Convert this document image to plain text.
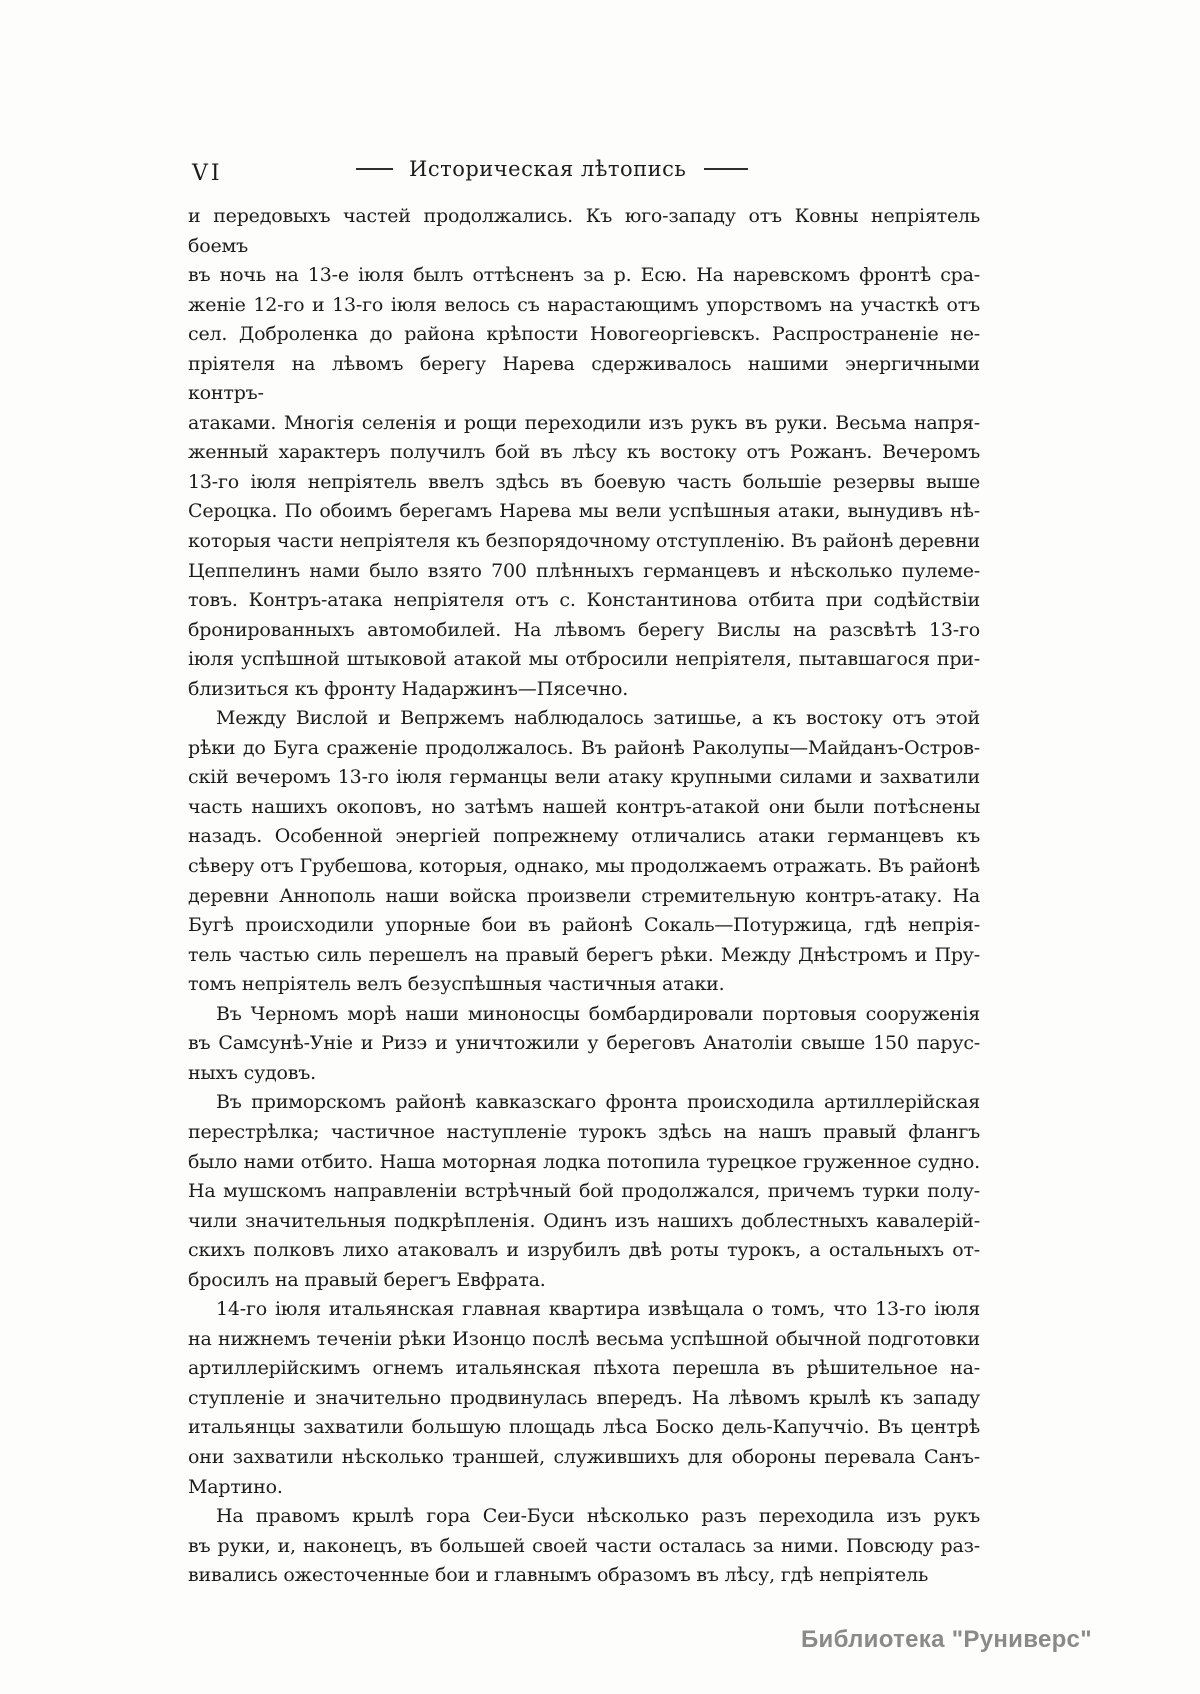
VI	Историческая лѣтопись
и передовыхъ частей продолжались. Къ юго-западу отъ Ковны непріятель боемъ
въ ночь на 13-е іюля былъ оттѣсненъ за р. Есю. На наревскомъ фронтѣ сра-
женіе 12-го и 13-го іюля велось съ нарастающимъ упорствомъ на участкѣ отъ
сел. Доброленка до района крѣпости Новогеоргіевскъ. Распространеніе не-
пріятеля на лѣвомъ берегу Нарева сдерживалось нашими энергичными контръ-
атаками. Многія селенія и рощи переходили изъ рукъ въ руки. Весьма напря-
женный характеръ получилъ бой въ лѣсу къ востоку отъ Рожанъ. Вечеромъ
13-го іюля непріятель ввелъ здѣсь въ боевую часть большіе резервы выше
Сероцка. По обоимъ берегамъ Нарева мы вели успѣшныя атаки, вынудивъ нѣ-
которыя части непріятеля къ безпорядочному отступленію. Въ районѣ деревни
Цеппелинъ нами было взято 700 плѣнныхъ германцевъ и нѣсколько пулеме-
товъ. Контръ-атака непріятеля отъ с. Константинова отбита при содѣйствіи
бронированныхъ автомобилей. На лѣвомъ берегу Вислы на разсвѣтѣ 13-го
іюля успѣшной штыковой атакой мы отбросили непріятеля, пытавшагося при-
близиться къ фронту Надаржинъ—Пясечно.
Между Вислой и Вепржемъ наблюдалось затишье, а къ востоку отъ этой
рѣки до Буга сраженіе продолжалось. Въ районѣ Раколупы—Майданъ-Остров-
скій вечеромъ 13-го іюля германцы вели атаку крупными силами и захватили
часть нашихъ окоповъ, но затѣмъ нашей контръ-атакой они были потѣснены
назадъ. Особенной энергіей попрежнему отличались атаки германцевъ къ
сѣверу отъ Грубешова, которыя, однако, мы продолжаемъ отражать. Въ районѣ
деревни Аннополь наши войска произвели стремительную контръ-атаку. На
Бугѣ происходили упорные бои въ районѣ Сокаль—Потуржица, гдѣ непрія-
тель частью силь перешелъ на правый берегъ рѣки. Между Днѣстромъ и Пру-
томъ непріятель велъ безуспѣшныя частичныя атаки.
Въ Черномъ морѣ наши миноносцы бомбардировали портовыя сооруженія
въ Самсунѣ-Уніе и Ризэ и уничтожили у береговъ Анатоліи свыше 150 парус-
ныхъ судовъ.
Въ приморскомъ районѣ кавказскаго фронта происходила артиллерійская
перестрѣлка; частичное наступленіе турокъ здѣсь на нашъ правый флангъ
было нами отбито. Наша моторная лодка потопила турецкое груженное судно.
На мушскомъ направленіи встрѣчный бой продолжался, причемъ турки полу-
чили значительныя подкрѣпленія. Одинъ изъ нашихъ доблестныхъ кавалерій-
скихъ полковъ лихо атаковалъ и изрубилъ двѣ роты турокъ, а остальныхъ от-
бросилъ на правый берегъ Евфрата.
14-го іюля итальянская главная квартира извѣщала о томъ, что 13-го іюля
на нижнемъ теченіи рѣки Изонцо послѣ весьма успѣшной обычной подготовки
артиллерійскимъ огнемъ итальянская пѣхота перешла въ рѣшительное на-
ступленіе и значительно продвинулась впередъ. На лѣвомъ крылѣ къ западу
итальянцы захватили большую площадь лѣса Боско дель-Капуччіо. Въ центрѣ
они захватили нѣсколько траншей, служившихъ для обороны перевала Санъ-
Мартино.
На правомъ крылѣ гора Сеи-Буси нѣсколько разъ переходила изъ рукъ
въ руки, и, наконецъ, въ большей своей части осталась за ними. Повсюду раз-
вивались ожесточенные бои и главнымъ образомъ въ лѣсу, гдѣ непріятель
Библиотека "Руниверс"
